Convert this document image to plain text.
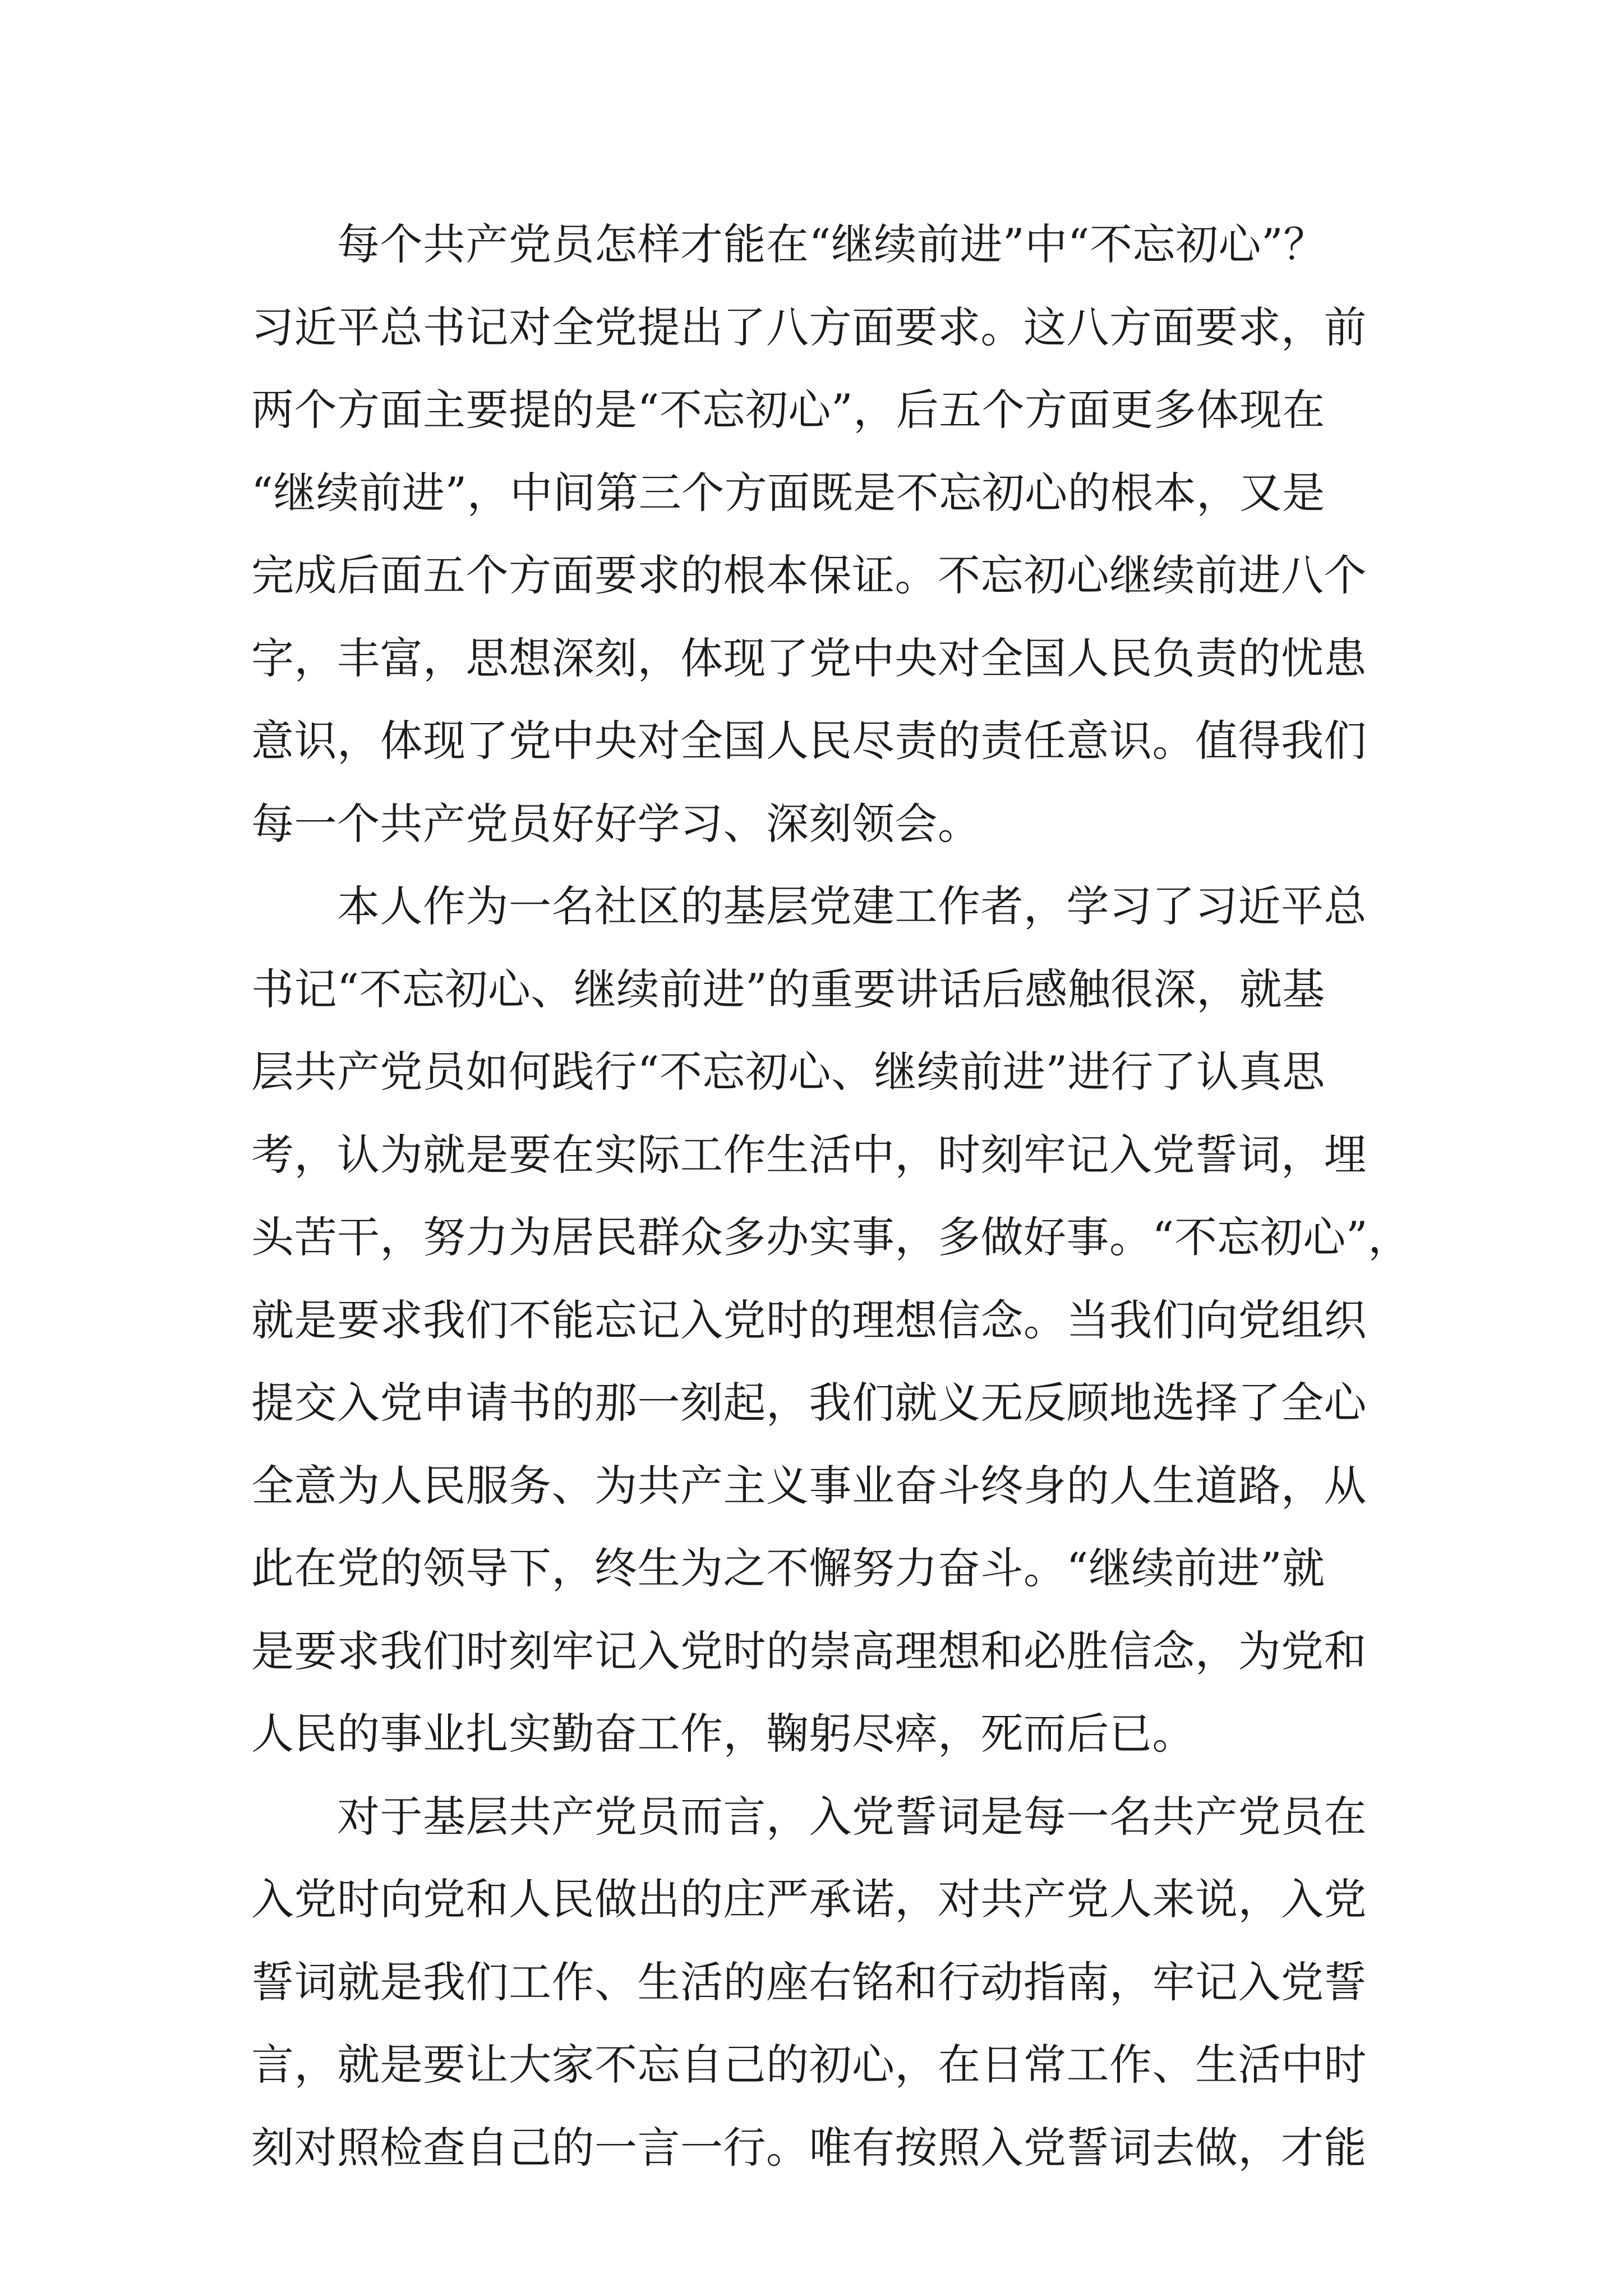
　　每个共产党员怎样才能在“继续前进”中“不忘初心”？
习近平总书记对全党提出了八方面要求。这八方面要求，前
两个方面主要提的是“不忘初心”，后五个方面更多体现在
“继续前进”，中间第三个方面既是不忘初心的根本，又是
完成后面五个方面要求的根本保证。不忘初心继续前进八个
字，丰富，思想深刻，体现了党中央对全国人民负责的忧患
意识，体现了党中央对全国人民尽责的责任意识。值得我们
每一个共产党员好好学习、深刻领会。
　　本人作为一名社区的基层党建工作者，学习了习近平总
书记“不忘初心、继续前进”的重要讲话后感触很深，就基
层共产党员如何践行“不忘初心、继续前进”进行了认真思
考，认为就是要在实际工作生活中，时刻牢记入党誓词，埋
头苦干，努力为居民群众多办实事，多做好事。“不忘初心”，
就是要求我们不能忘记入党时的理想信念。当我们向党组织
提交入党申请书的那一刻起，我们就义无反顾地选择了全心
全意为人民服务、为共产主义事业奋斗终身的人生道路，从
此在党的领导下，终生为之不懈努力奋斗。“继续前进”就
是要求我们时刻牢记入党时的崇高理想和必胜信念，为党和
人民的事业扎实勤奋工作，鞠躬尽瘁，死而后已。
　　对于基层共产党员而言，入党誓词是每一名共产党员在
入党时向党和人民做出的庄严承诺，对共产党人来说，入党
誓词就是我们工作、生活的座右铭和行动指南，牢记入党誓
言，就是要让大家不忘自己的初心，在日常工作、生活中时
刻对照检查自己的一言一行。唯有按照入党誓词去做，才能
